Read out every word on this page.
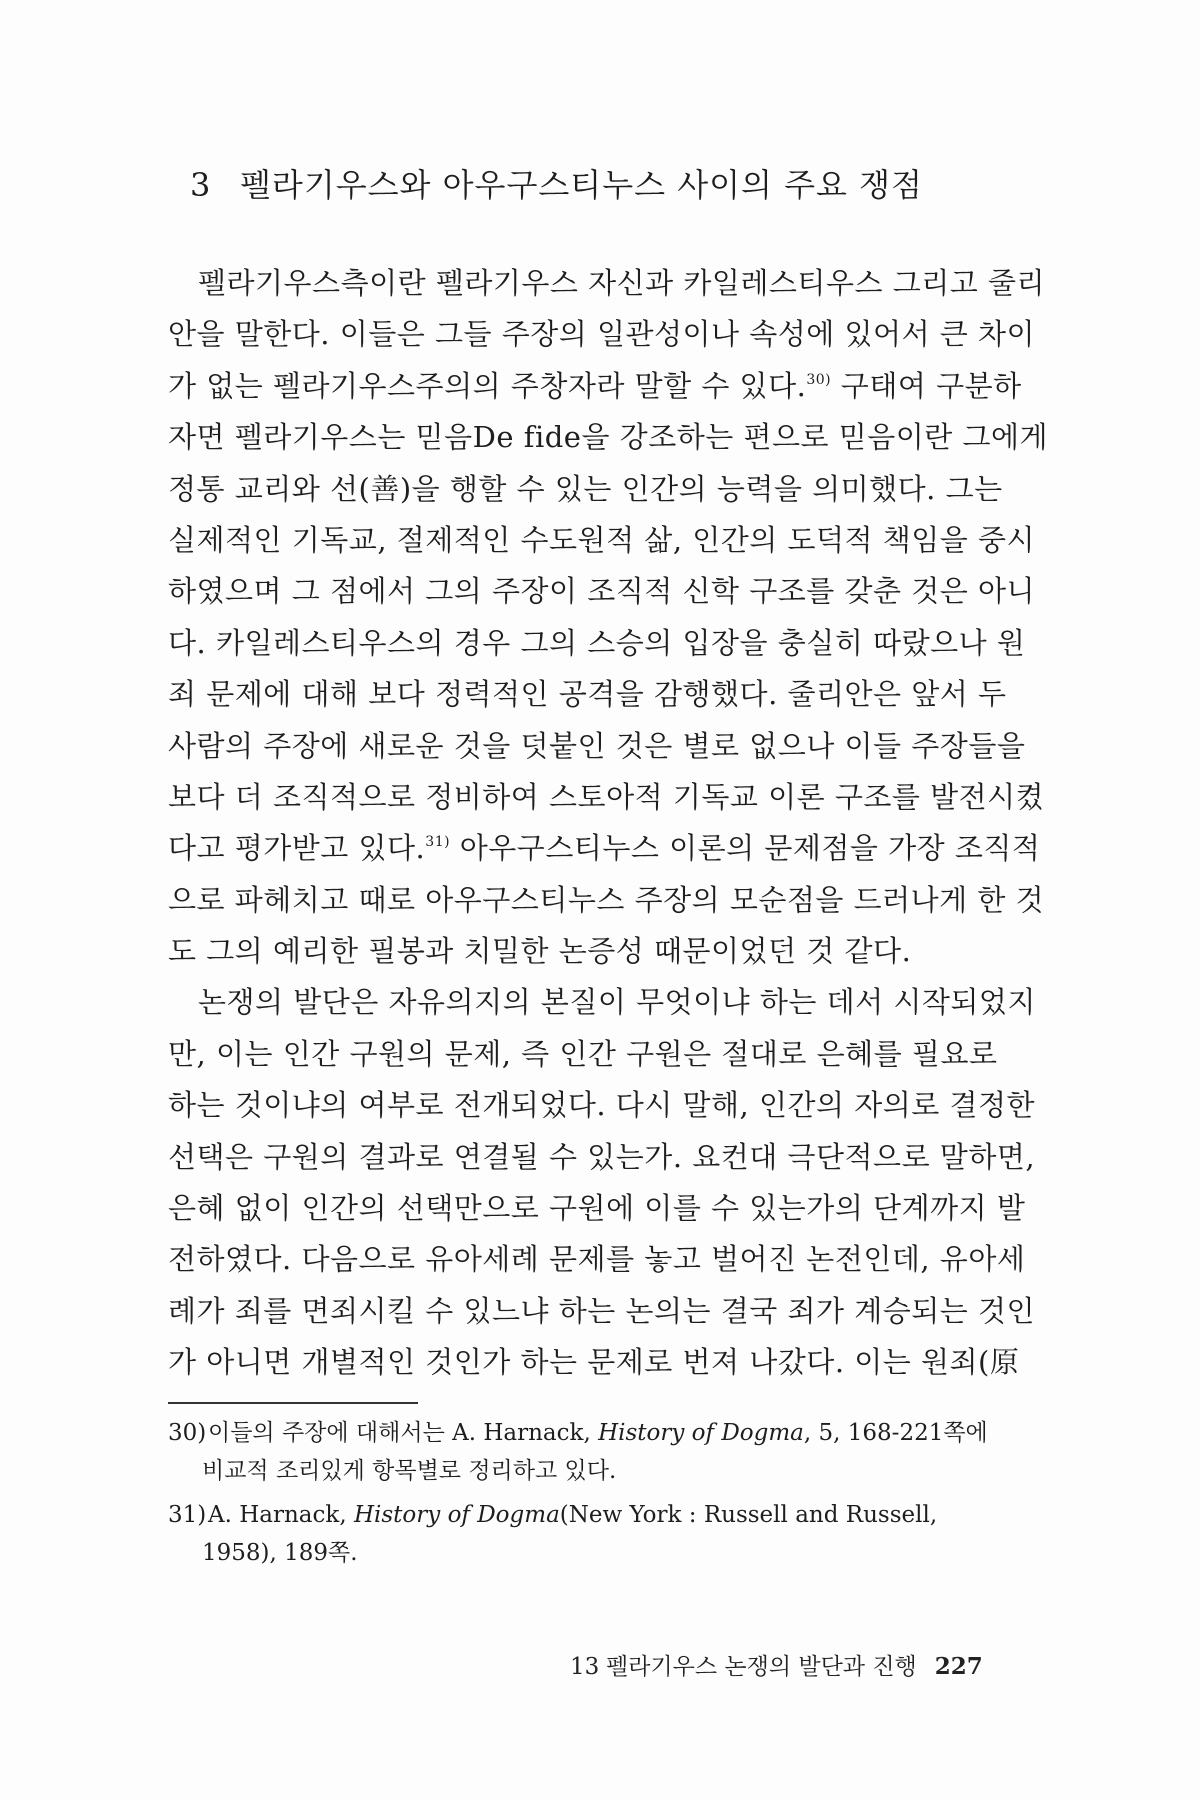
3 펠라기우스와 아우구스티누스 사이의 주요 쟁점
펠라기우스측이란 펠라기우스 자신과 카일레스티우스 그리고 줄리
안을 말한다. 이들은 그들 주장의 일관성이나 속성에 있어서 큰 차이
가 없는 펠라기우스주의의 주창자라 말할 수 있다.$^{30)}$ 구태여 구분하
자면 펠라기우스는 믿음De fide을 강조하는 편으로 믿음이란 그에게
정통 교리와 선(善)을 행할 수 있는 인간의 능력을 의미했다. 그는
실제적인 기독교, 절제적인 수도원적 삶, 인간의 도덕적 책임을 중시
하였으며 그 점에서 그의 주장이 조직적 신학 구조를 갖춘 것은 아니
다. 카일레스티우스의 경우 그의 스승의 입장을 충실히 따랐으나 원
죄 문제에 대해 보다 정력적인 공격을 감행했다. 줄리안은 앞서 두
사람의 주장에 새로운 것을 덧붙인 것은 별로 없으나 이들 주장들을
보다 더 조직적으로 정비하여 스토아적 기독교 이론 구조를 발전시켰
다고 평가받고 있다.$^{31)}$ 아우구스티누스 이론의 문제점을 가장 조직적
으로 파헤치고 때로 아우구스티누스 주장의 모순점을 드러나게 한 것
도 그의 예리한 필봉과 치밀한 논증성 때문이었던 것 같다.
논쟁의 발단은 자유의지의 본질이 무엇이냐 하는 데서 시작되었지
만, 이는 인간 구원의 문제, 즉 인간 구원은 절대로 은혜를 필요로
하는 것이냐의 여부로 전개되었다. 다시 말해, 인간의 자의로 결정한
선택은 구원의 결과로 연결될 수 있는가. 요컨대 극단적으로 말하면,
은혜 없이 인간의 선택만으로 구원에 이를 수 있는가의 단계까지 발
전하였다. 다음으로 유아세례 문제를 놓고 벌어진 논전인데, 유아세
례가 죄를 면죄시킬 수 있느냐 하는 논의는 결국 죄가 계승되는 것인
가 아니면 개별적인 것인가 하는 문제로 번져 나갔다. 이는 원죄(原
30)이들의 주장에 대해서는 A. Harnack, History of Dogma, 5, 168-221쪽에
비교적 조리있게 항목별로 정리하고 있다.
31)A. Harnack, History of Dogma(New York : Russell and Russell,
1958), 189쪽.
13 펠라기우스 논쟁의 발단과 진행 227
